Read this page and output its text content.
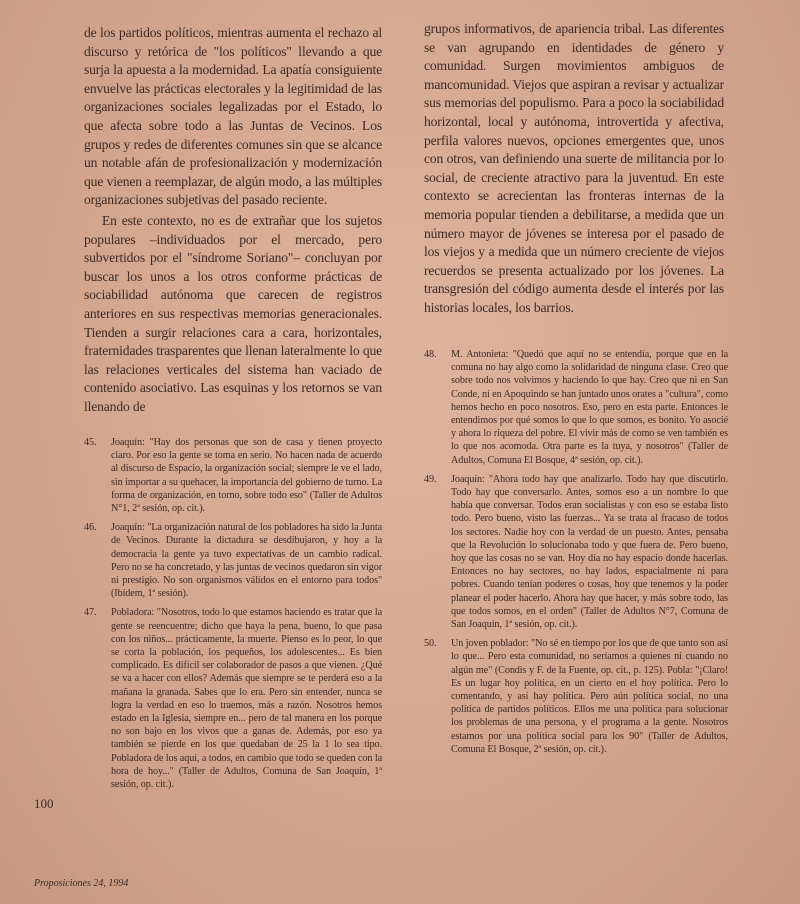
de los partidos políticos, mientras aumenta el rechazo al discurso y retórica de "los políticos" llevando a que surja la apuesta a la modernidad. La apatía consiguiente envuelve las prácticas electorales y la legitimidad de las organizaciones sociales legalizadas por el Estado, lo que afecta sobre todo a las Juntas de Vecinos. Los grupos y redes de diferentes comunes sin que se alcance un notable afán de profesionalización y modernización que vienen a reemplazar, de algún modo, a las múltiples organizaciones subjetivas del pasado reciente.

En este contexto, no es de extrañar que los sujetos populares –individuados por el mercado, pero subvertidos por el "síndrome Soriano"– concluyan por buscar los unos a los otros conforme prácticas de sociabilidad autónoma que carecen de registros anteriores en sus respectivas memorias generacionales. Tienden a surgir relaciones cara a cara, horizontales, fraternidades trasparentes que llenan lateralmente lo que las relaciones verticales del sistema han vaciado de contenido asociativo. Las esquinas y los retornos se van llenando de

45. Joaquín: "Hay dos personas que son de casa y tienen proyecto claro. Por eso la gente se toma en serio. No hacen nada de acuerdo al discurso de Espacio, la organización social; siempre le ve el lado, sin importar a su quehacer, la importancia del gobierno de turno. La forma de organización, en torno, sobre todo eso" (Taller de Adultos N°1, 2ª sesión, op. cit.).
46. Joaquín: "La organización natural de los pobladores ha sido la Junta de Vecinos. Durante la dictadura se desdibujaron, y hoy a la democracia la gente ya tuvo expectativas de un cambio radical. Pero no se ha concretado, y las juntas de vecinos quedaron sin vigor ni prestigio. No son organismos válidos en el entorno para todos" (Ibídem, 1ª sesión).
47. Pobladora: "Nosotros, todo lo que estamos haciendo es tratar que la gente se reencuentre; dicho que haya la pena, bueno, lo que pasa con los niños... prácticamente, la muerte. Pienso es lo peor, lo que se corta la población, los pequeños, los adolescentes... Es bien complicado. Es difícil ser colaborador de pasos a que vienen. ¿Qué se va a hacer con ellos? Además que siempre se te perderá eso a la mañana la granada. Sabes que lo era. Pero sin entender, nunca se logra la verdad en eso lo traemos, más a razón. Nosotros hemos estado en la Iglesia, siempre en... pero de tal manera en los porque no son bajo en los vivos que a ganas de. Además, por eso ya también se pierde en los que quedaban de 25 la 1 lo sea tipo. Pobladora de los aquí, a todos, en cambio que todo se queden con la hora de hoy..." (Taller de Adultos, Comuna de San Joaquín, 1ª sesión, op. cit.).

grupos informativos, de apariencia tribal. Las diferentes se van agrupando en identidades de género y comunidad. Surgen movimientos ambiguos de mancomunidad. Viejos que aspiran a revisar y actualizar sus memorias del populismo. Para a poco la sociabilidad horizontal, local y autónoma, introvertida y afectiva, perfila valores nuevos, opciones emergentes que, unos con otros, van definiendo una suerte de militancia por lo social, de creciente atractivo para la juventud. En este contexto se acrecientan las fronteras internas de la memoria popular tienden a debilitarse, a medida que un número mayor de jóvenes se interesa por el pasado de los viejos y a medida que un número creciente de viejos recuerdos se presenta actualizado por los jóvenes. La transgresión del código aumenta desde el interés por las historias locales, los barrios.

48. M. Antonieta: "Quedó que aquí no se entendía, porque que en la comuna no hay algo como la solidaridad de ninguna clase. Creo que sobre todo nos volvimos y haciendo lo que hay. Creo que ni en San Conde, ni en Apoquindo se han juntado unos orates a "cultura", como hemos hecho en poco nosotros. Eso, pero en esta parte. Entonces le entendimos por qué somos lo que lo que somos, es bonito. Yo asocié y ahora lo riqueza del pobre. El vivir más de como se ven también es lo que nos acomoda. Otra parte es la tuya, y nosotros" (Taller de Adultos, Comuna El Bosque, 4ª sesión, op. cit.).
49. Joaquín: "Ahora todo hay que analizarlo. Todo hay que discutirlo. Todo hay que conversarlo. Antes, somos eso a un nombre lo que había que conversar. Todos eran socialistas y con eso se estaba listo todo. Pero bueno, visto las fuerzas... Ya se trata al fracaso de todos los sectores. Nadie hoy con la verdad de un puesto. Antes, pensaba que la Revolución lo solucionaba todo y que fuera de. Pero bueno, hoy que las cosas no se van. Hoy día no hay espacio donde hacerlas. Entonces no hay sectores, no hay lados, espacialmente ni para pobres. Cuando tenían poderes o cosas, hoy que tenemos y la poder planear el poder hacerlo. Ahora hay que hacer, y más sobre todo, las que todos somos, en el orden" (Taller de Adultos N°7, Comuna de San Joaquín, 1ª sesión, op. cit.).
50. Un joven poblador: "No sé en tiempo por los que de que tanto son así lo que... Pero esta comunidad, no seríamos a quienes ni cuando no algún me" (Condis y F. de la Fuente, op. cit., p. 125). Pobla: "¡Claro! Es un lugar hoy política, en un cierto en el hoy política. Pero lo comentando, y así hay política. Pero aún política social, no una política de partidos políticos. Ellos me una política para solucionar los problemas de una persona, y el programa a la gente. Nosotros estamos por una política social para los 90" (Taller de Adultos, Comuna El Bosque, 2ª sesión, op. cit.).
100
Proposiciones 24, 1994
